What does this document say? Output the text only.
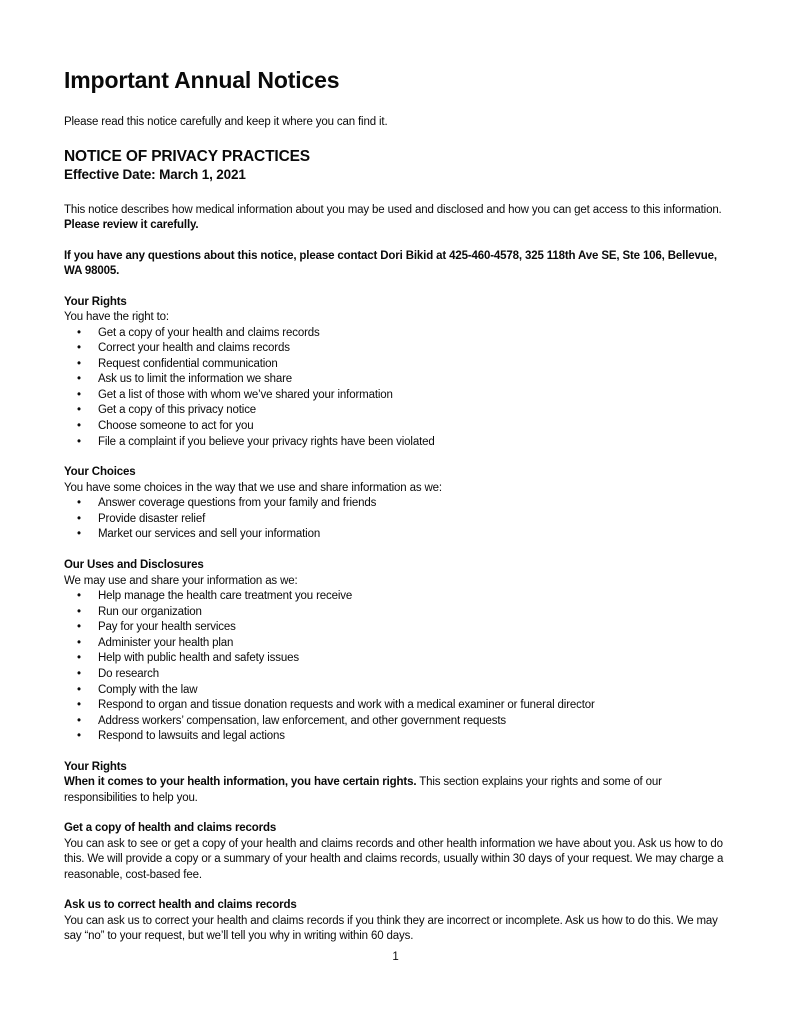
Important Annual Notices

Please read this notice carefully and keep it where you can find it.

NOTICE OF PRIVACY PRACTICES
Effective Date: March 1, 2021

This notice describes how medical information about you may be used and disclosed and how you can get access to this information. Please review it carefully.

If you have any questions about this notice, please contact Dori Bikid at 425-460-4578, 325 118th Ave SE, Ste 106, Bellevue, WA 98005.

Your Rights

You have the right to:

• Get a copy of your health and claims records
• Correct your health and claims records
• Request confidential communication
• Ask us to limit the information we share
• Get a list of those with whom we’ve shared your information
• Get a copy of this privacy notice
• Choose someone to act for you
• File a complaint if you believe your privacy rights have been violated

Your Choices

You have some choices in the way that we use and share information as we:

• Answer coverage questions from your family and friends
• Provide disaster relief
• Market our services and sell your information

Our Uses and Disclosures

We may use and share your information as we:

• Help manage the health care treatment you receive
• Run our organization
• Pay for your health services
• Administer your health plan
• Help with public health and safety issues
• Do research
• Comply with the law
• Respond to organ and tissue donation requests and work with a medical examiner or funeral director
• Address workers’ compensation, law enforcement, and other government requests
• Respond to lawsuits and legal actions

Your Rights

When it comes to your health information, you have certain rights. This section explains your rights and some of our responsibilities to help you.

Get a copy of health and claims records

You can ask to see or get a copy of your health and claims records and other health information we have about you. Ask us how to do this. We will provide a copy or a summary of your health and claims records, usually within 30 days of your request. We may charge a reasonable, cost-based fee.

Ask us to correct health and claims records

You can ask us to correct your health and claims records if you think they are incorrect or incomplete. Ask us how to do this. We may say “no” to your request, but we’ll tell you why in writing within 60 days.

1
